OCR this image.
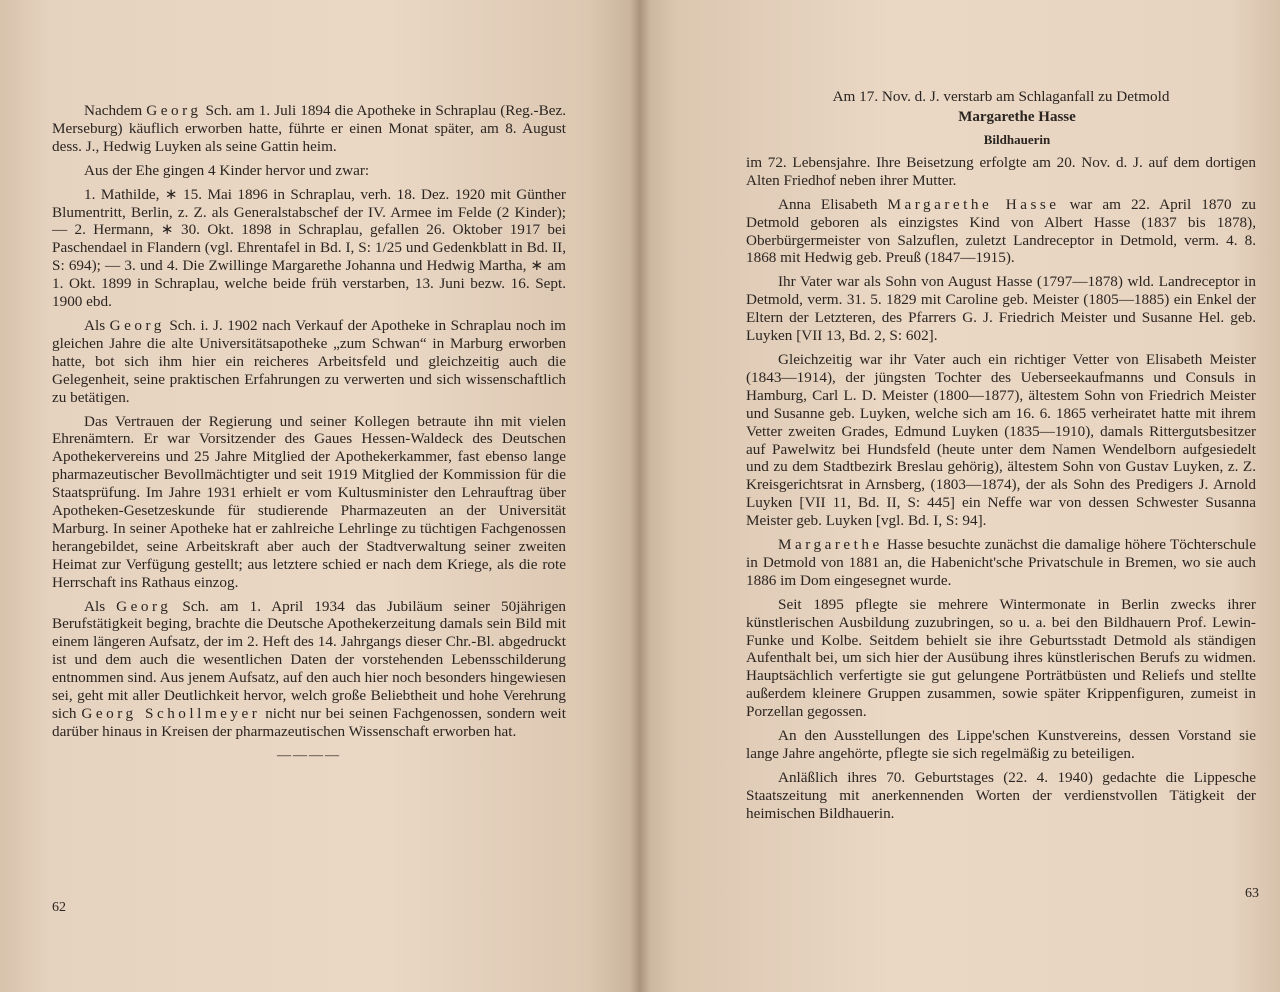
Nachdem Georg Sch. am 1. Juli 1894 die Apotheke in Schraplau (Reg.-Bez. Merseburg) käuflich erworben hatte, führte er einen Monat später, am 8. August dess. J., Hedwig Luyken als seine Gattin heim.

Aus der Ehe gingen 4 Kinder hervor und zwar:

1. Mathilde, ∗ 15. Mai 1896 in Schraplau, verh. 18. Dez. 1920 mit Günther Blumentritt, Berlin, z. Z. als Generalstabschef der IV. Armee im Felde (2 Kinder); — 2. Hermann, ∗ 30. Okt. 1898 in Schraplau, gefallen 26. Oktober 1917 bei Paschendael in Flandern (vgl. Ehrentafel in Bd. I, S: 1/25 und Gedenkblatt in Bd. II, S: 694); — 3. und 4. Die Zwillinge Margarethe Johanna und Hedwig Martha, ∗ am 1. Okt. 1899 in Schraplau, welche beide früh verstarben, 13. Juni bezw. 16. Sept. 1900 ebd.

Als Georg Sch. i. J. 1902 nach Verkauf der Apotheke in Schraplau noch im gleichen Jahre die alte Universitätsapotheke „zum Schwan“ in Marburg erworben hatte, bot sich ihm hier ein reicheres Arbeitsfeld und gleichzeitig auch die Gelegenheit, seine praktischen Erfahrungen zu verwerten und sich wissenschaftlich zu betätigen.

Das Vertrauen der Regierung und seiner Kollegen betraute ihn mit vielen Ehrenämtern. Er war Vorsitzender des Gaues Hessen-Waldeck des Deutschen Apothekervereins und 25 Jahre Mitglied der Apothekerkammer, fast ebenso lange pharmazeutischer Bevollmächtigter und seit 1919 Mitglied der Kommission für die Staatsprüfung. Im Jahre 1931 erhielt er vom Kultusminister den Lehrauftrag über Apotheken-Gesetzeskunde für studierende Pharmazeuten an der Universität Marburg. In seiner Apotheke hat er zahlreiche Lehrlinge zu tüchtigen Fachgenossen herangebildet, seine Arbeitskraft aber auch der Stadtverwaltung seiner zweiten Heimat zur Verfügung gestellt; aus letztere schied er nach dem Kriege, als die rote Herrschaft ins Rathaus einzog.

Als Georg Sch. am 1. April 1934 das Jubiläum seiner 50jährigen Berufstätigkeit beging, brachte die Deutsche Apothekerzeitung damals sein Bild mit einem längeren Aufsatz, der im 2. Heft des 14. Jahrgangs dieser Chr.-Bl. abgedruckt ist und dem auch die wesentlichen Daten der vorstehenden Lebensschilderung entnommen sind. Aus jenem Aufsatz, auf den auch hier noch besonders hingewiesen sei, geht mit aller Deutlichkeit hervor, welch große Beliebtheit und hohe Verehrung sich Georg Schollmeyer nicht nur bei seinen Fachgenossen, sondern weit darüber hinaus in Kreisen der pharmazeutischen Wissenschaft erworben hat.

————
62

Am 17. Nov. d. J. verstarb am Schlaganfall zu Detmold

Margarethe Hasse

Bildhauerin

im 72. Lebensjahre. Ihre Beisetzung erfolgte am 20. Nov. d. J. auf dem dortigen Alten Friedhof neben ihrer Mutter.

Anna Elisabeth Margarethe Hasse war am 22. April 1870 zu Detmold geboren als einzigstes Kind von Albert Hasse (1837 bis 1878), Oberbürgermeister von Salzuflen, zuletzt Landreceptor in Detmold, verm. 4. 8. 1868 mit Hedwig geb. Preuß (1847—1915).

Ihr Vater war als Sohn von August Hasse (1797—1878) wld. Landreceptor in Detmold, verm. 31. 5. 1829 mit Caroline geb. Meister (1805—1885) ein Enkel der Eltern der Letzteren, des Pfarrers G. J. Friedrich Meister und Susanne Hel. geb. Luyken [VII 13, Bd. 2, S: 602].

Gleichzeitig war ihr Vater auch ein richtiger Vetter von Elisabeth Meister (1843—1914), der jüngsten Tochter des Ueberseekaufmanns und Consuls in Hamburg, Carl L. D. Meister (1800—1877), ältestem Sohn von Friedrich Meister und Susanne geb. Luyken, welche sich am 16. 6. 1865 verheiratet hatte mit ihrem Vetter zweiten Grades, Edmund Luyken (1835—1910), damals Rittergutsbesitzer auf Pawelwitz bei Hundsfeld (heute unter dem Namen Wendelborn aufgesiedelt und zu dem Stadtbezirk Breslau gehörig), ältestem Sohn von Gustav Luyken, z. Z. Kreisgerichtsrat in Arnsberg, (1803—1874), der als Sohn des Predigers J. Arnold Luyken [VII 11, Bd. II, S: 445] ein Neffe war von dessen Schwester Susanna Meister geb. Luyken [vgl. Bd. I, S: 94].

Margarethe Hasse besuchte zunächst die damalige höhere Töchterschule in Detmold von 1881 an, die Habenicht'sche Privatschule in Bremen, wo sie auch 1886 im Dom eingesegnet wurde.

Seit 1895 pflegte sie mehrere Wintermonate in Berlin zwecks ihrer künstlerischen Ausbildung zuzubringen, so u. a. bei den Bildhauern Prof. Lewin-Funke und Kolbe. Seitdem behielt sie ihre Geburtsstadt Detmold als ständigen Aufenthalt bei, um sich hier der Ausübung ihres künstlerischen Berufs zu widmen. Hauptsächlich verfertigte sie gut gelungene Porträtbüsten und Reliefs und stellte außerdem kleinere Gruppen zusammen, sowie später Krippenfiguren, zumeist in Porzellan gegossen.

An den Ausstellungen des Lippe'schen Kunstvereins, dessen Vorstand sie lange Jahre angehörte, pflegte sie sich regelmäßig zu beteiligen.

Anläßlich ihres 70. Geburtstages (22. 4. 1940) gedachte die Lippesche Staatszeitung mit anerkennenden Worten der verdienstvollen Tätigkeit der heimischen Bildhauerin.

63
